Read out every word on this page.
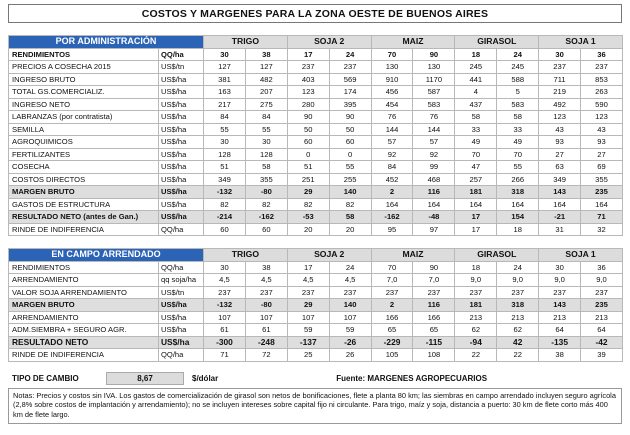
COSTOS Y MARGENES PARA LA ZONA OESTE DE BUENOS AIRES
POR ADMINISTRACIÓN		TRIGO		SOJA 2		MAIZ		GIRASOL		SOJA 1	
RENDIMIENTOS	QQ/ha	30	38	17	24	70	90	18	24	30	36
PRECIOS A COSECHA 2015	US$/tn	127	127	237	237	130	130	245	245	237	237
INGRESO BRUTO	US$/ha	381	482	403	569	910	1170	441	588	711	853
TOTAL GS.COMERCIALIZ.	US$/ha	163	207	123	174	456	587	4	5	219	263
INGRESO NETO	US$/ha	217	275	280	395	454	583	437	583	492	590
LABRANZAS (por contratista)	US$/ha	84	84	90	90	76	76	58	58	123	123
SEMILLA	US$/ha	55	55	50	50	144	144	33	33	43	43
AGROQUIMICOS	US$/ha	30	30	60	60	57	57	49	49	93	93
FERTILIZANTES	US$/ha	128	128	0	0	92	92	70	70	27	27
COSECHA	US$/ha	51	58	51	55	84	99	47	55	63	69
COSTOS DIRECTOS	US$/ha	349	355	251	255	452	468	257	266	349	355
MARGEN BRUTO	US$/ha	-132	-80	29	140	2	116	181	318	143	235
GASTOS DE ESTRUCTURA	US$/ha	82	82	82	82	164	164	164	164	164	164
RESULTADO NETO (antes de Gan.)	US$/ha	-214	-162	-53	58	-162	-48	17	154	-21	71
RINDE DE INDIFERENCIA	QQ/ha	60	60	20	20	95	97	17	18	31	32
EN CAMPO ARRENDADO		TRIGO		SOJA 2		MAIZ		GIRASOL		SOJA 1	
RENDIMIENTOS	QQ/ha	30	38	17	24	70	90	18	24	30	36
ARRENDAMIENTO	qq soja/ha	4,5	4,5	4,5	4,5	7,0	7,0	9,0	9,0	9,0	9,0
VALOR SOJA ARRENDAMIENTO	US$/tn	237	237	237	237	237	237	237	237	237	237
MARGEN BRUTO	US$/ha	-132	-80	29	140	2	116	181	318	143	235
ARRENDAMIENTO	US$/ha	107	107	107	107	166	166	213	213	213	213
ADM.SIEMBRA + SEGURO AGR.	US$/ha	61	61	59	59	65	65	62	62	64	64
RESULTADO NETO	US$/ha	-300	-248	-137	-26	-229	-115	-94	42	-135	-42
RINDE DE INDIFERENCIA	QQ/ha	71	72	25	26	105	108	22	22	38	39
TIPO DE CAMBIO	8,67	$/dólar	Fuente: MARGENES AGROPECUARIOS
Notas: Precios y costos sin IVA. Los gastos de comercialización de girasol son netos de bonificaciones, flete a planta 80 km; las siembras en campo arrendado incluyen seguro agrícola (2,8% sobre costos de implantación y arrendamiento); no se incluyen intereses sobre capital fijo ni circulante. Para trigo, maíz y soja, distancia a puerto: 30 km de flete corto más 400 km de flete largo.
